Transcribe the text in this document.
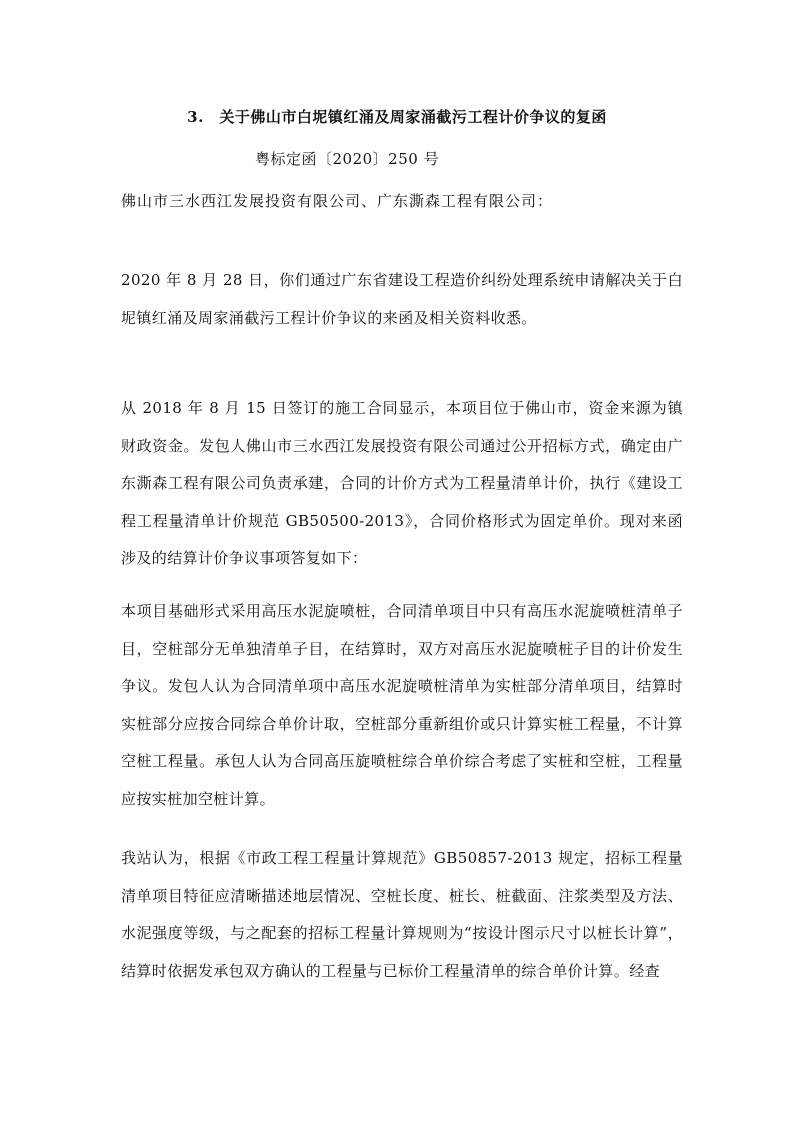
3.　关于佛山市白坭镇红涌及周家涌截污工程计价争议的复函
粤标定函〔2020〕250 号
佛山市三水西江发展投资有限公司、广东澌森工程有限公司：
2020 年 8 月 28 日，你们通过广东省建设工程造价纠纷处理系统申请解决关于白坭镇红涌及周家涌截污工程计价争议的来函及相关资料收悉。
从 2018 年 8 月 15 日签订的施工合同显示，本项目位于佛山市，资金来源为镇财政资金。发包人佛山市三水西江发展投资有限公司通过公开招标方式，确定由广东澌森工程有限公司负责承建，合同的计价方式为工程量清单计价，执行《建设工程工程量清单计价规范 GB50500-2013》，合同价格形式为固定单价。现对来函涉及的结算计价争议事项答复如下：
本项目基础形式采用高压水泥旋喷桩，合同清单项目中只有高压水泥旋喷桩清单子目，空桩部分无单独清单子目，在结算时，双方对高压水泥旋喷桩子目的计价发生争议。发包人认为合同清单项中高压水泥旋喷桩清单为实桩部分清单项目，结算时实桩部分应按合同综合单价计取，空桩部分重新组价或只计算实桩工程量，不计算空桩工程量。承包人认为合同高压旋喷桩综合单价综合考虑了实桩和空桩，工程量应按实桩加空桩计算。
我站认为，根据《市政工程工程量计算规范》GB50857-2013 规定，招标工程量清单项目特征应清晰描述地层情况、空桩长度、桩长、桩截面、注浆类型及方法、水泥强度等级，与之配套的招标工程量计算规则为“按设计图示尺寸以桩长计算”，结算时依据发承包双方确认的工程量与已标价工程量清单的综合单价计算。经查
